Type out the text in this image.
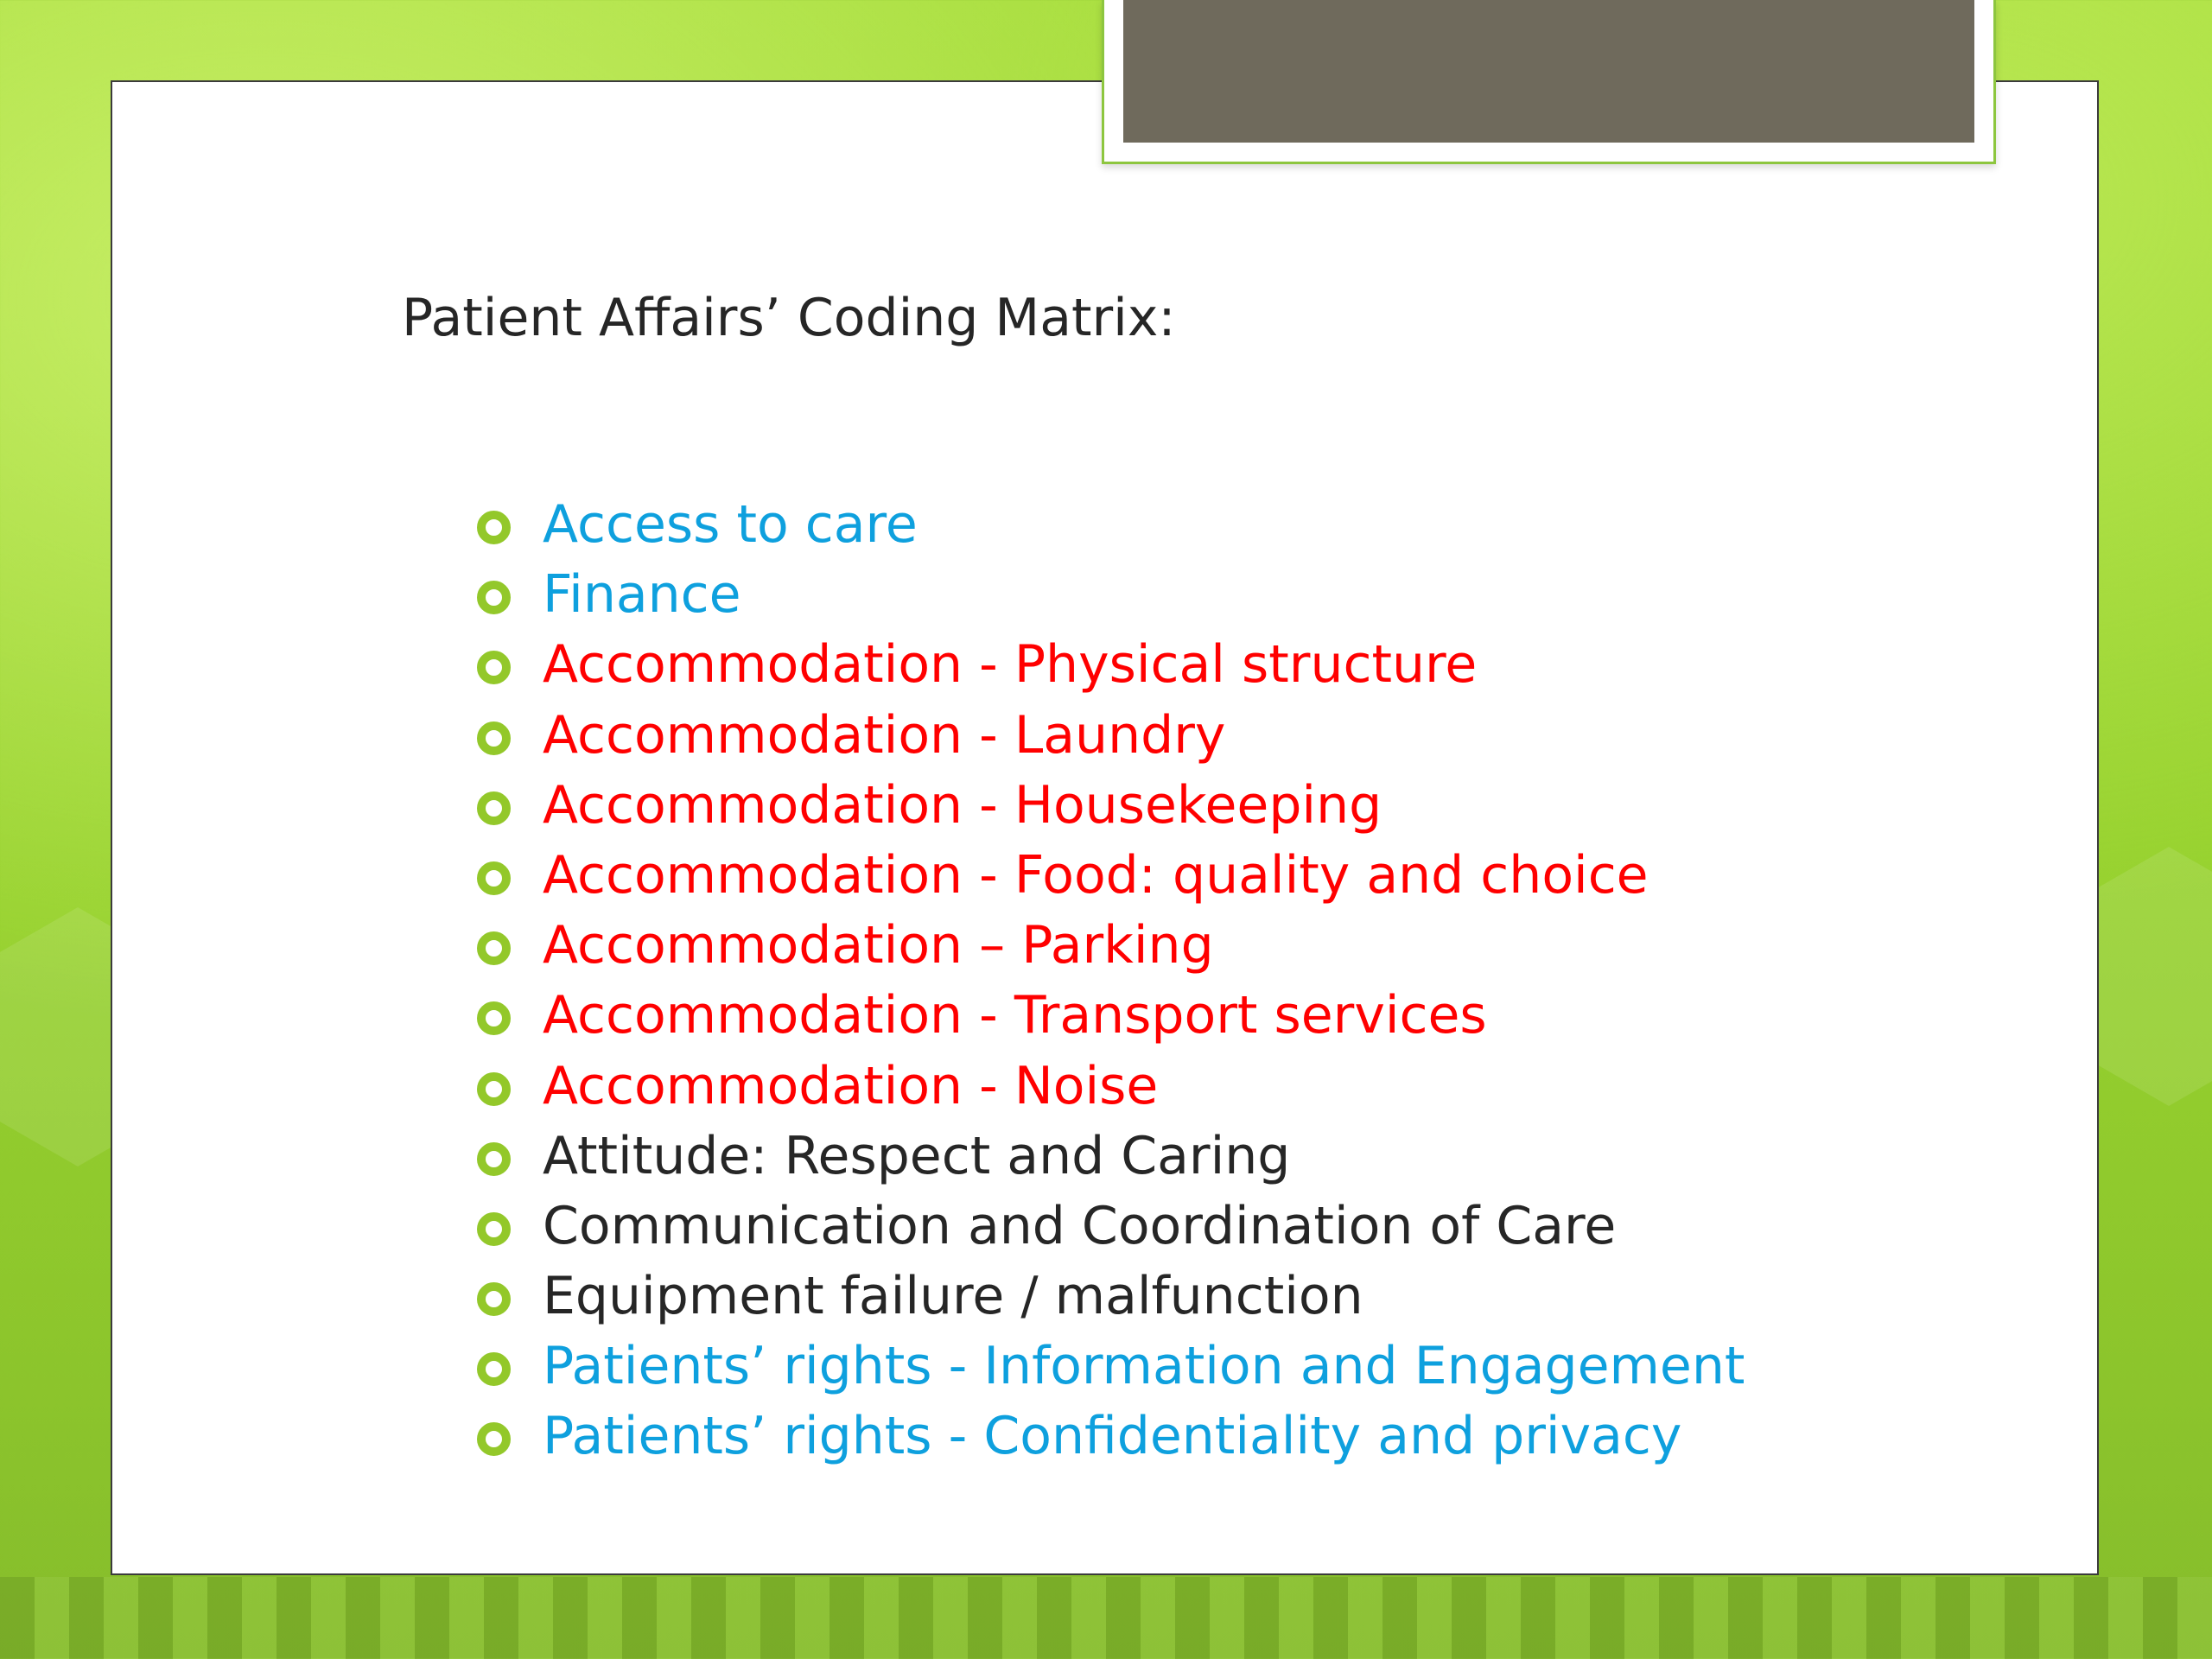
Patient Affairs’ Coding Matrix:
Access to care
Finance
Accommodation - Physical structure
Accommodation - Laundry
Accommodation - Housekeeping
Accommodation - Food: quality and choice
Accommodation – Parking
Accommodation - Transport services
Accommodation - Noise
Attitude: Respect and Caring
Communication and Coordination of Care
Equipment failure / malfunction
Patients’ rights - Information and Engagement
Patients’ rights - Confidentiality and privacy
